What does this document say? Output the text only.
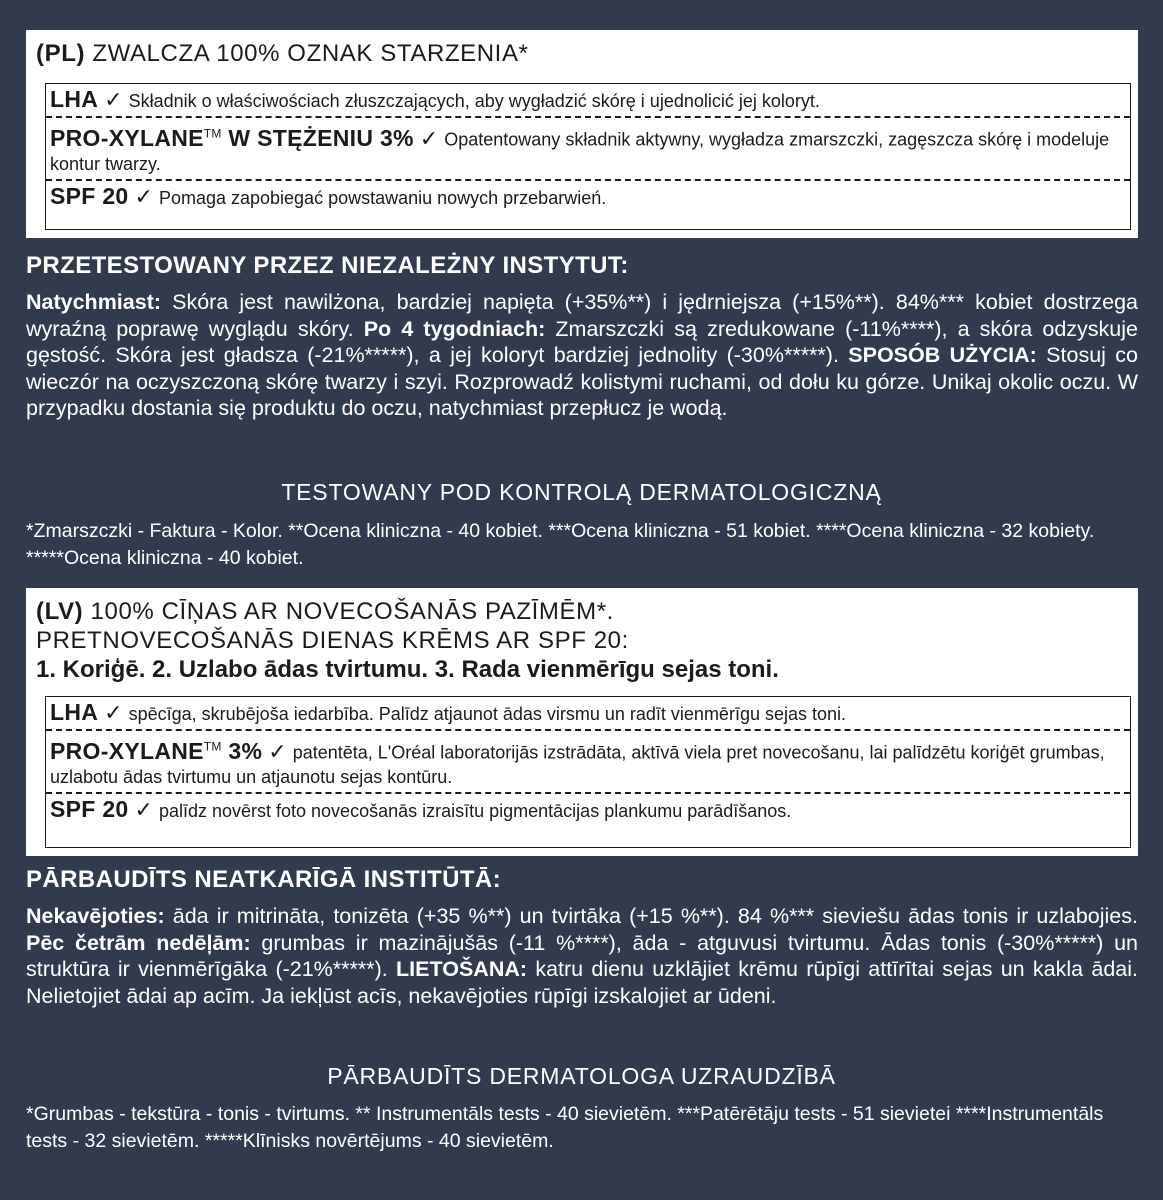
(PL) ZWALCZA 100% OZNAK STARZENIA*
LHA ✓ Składnik o właściwościach złuszczających, aby wygładzić skórę i ujednolicić jej koloryt.
PRO-XYLANE™ W STĘŻENIU 3% ✓ Opatentowany składnik aktywny, wygładza zmarszczki, zagęszcza skórę i modeluje kontur twarzy.
SPF 20 ✓ Pomaga zapobiegać powstawaniu nowych przebarwień.
PRZETESTOWANY PRZEZ NIEZALEŻNY INSTYTUT:
Natychmiast: Skóra jest nawilżona, bardziej napięta (+35%**) i jędrniejsza (+15%**). 84%*** kobiet dostrzega wyraźną poprawę wyglądu skóry. Po 4 tygodniach: Zmarszczki są zredukowane (-11%****), a skóra odzyskuje gęstość. Skóra jest gładsza (-21%*****), a jej koloryt bardziej jednolity (-30%*****). SPOSÓB UŻYCIA: Stosuj co wieczór na oczyszczoną skórę twarzy i szyi. Rozprowadź kolistymi ruchami, od dołu ku górze. Unikaj okolic oczu. W przypadku dostania się produktu do oczu, natychmiast przepłucz je wodą.
TESTOWANY POD KONTROLĄ DERMATOLOGICZNĄ
*Zmarszczki - Faktura - Kolor. **Ocena kliniczna - 40 kobiet. ***Ocena kliniczna - 51 kobiet. ****Ocena kliniczna - 32 kobiety. *****Ocena kliniczna - 40 kobiet.
(LV) 100% CĪŅAS AR NOVECOŠANĀS PAZĪMĒM*.
PRETNOVECOŠANĀS DIENAS KRĒMS AR SPF 20:
1. Koriģē. 2. Uzlabo ādas tvirtumu. 3. Rada vienmērīgu sejas toni.
LHA ✓ spēcīga, skrubējoša iedarbība. Palīdz atjaunot ādas virsmu un radīt vienmērīgu sejas toni.
PRO-XYLANE™ 3% ✓ patentēta, L'Oréal laboratorijās izstrādāta, aktīvā viela pret novecošanu, lai palīdzētu koriģēt grumbas, uzlabotu ādas tvirtumu un atjaunotu sejas kontūru.
SPF 20 ✓ palīdz novērst foto novecošanās izraisītu pigmentācijas plankumu parādīšanos.
PĀRBAUDĪTS NEATKARĪGĀ INSTITŪTĀ:
Nekavējoties: āda ir mitrināta, tonizēta (+35 %**) un tvirtāka (+15 %**). 84 %*** sieviešu ādas tonis ir uzlabojies. Pēc četrām nedēļām: grumbas ir mazinājušās (-11 %****), āda - atguvusi tvirtumu. Ādas tonis (-30%*****) un struktūra ir vienmērīgāka (-21%*****). LIETOŠANA: katru dienu uzklājiet krēmu rūpīgi attīrītai sejas un kakla ādai. Nelietojiet ādai ap acīm. Ja iekļūst acīs, nekavējoties rūpīgi izskalojiet ar ūdeni.
PĀRBAUDĪTS DERMATOLOGA UZRAUDZĪBĀ
*Grumbas - tekstūra - tonis - tvirtums. ** Instrumentāls tests - 40 sievietēm. ***Patērētāju tests - 51 sievietei ****Instrumentāls tests - 32 sievietēm. *****Klīnisks novērtējums - 40 sievietēm.
